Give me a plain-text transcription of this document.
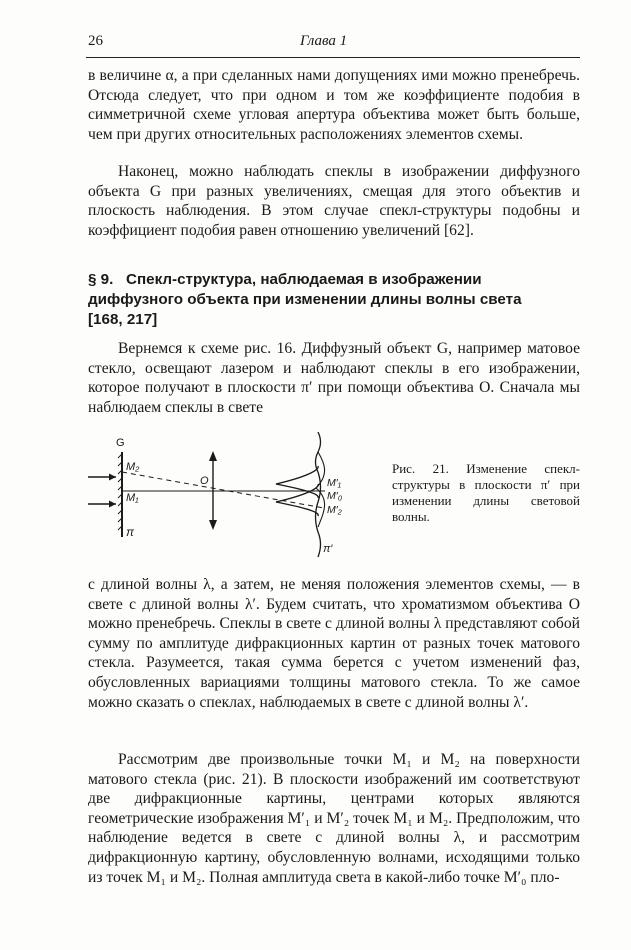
26	Глава 1

в величине α, а при сделанных нами допущениях ими можно пренебречь. Отсюда следует, что при одном и том же коэффициенте подобия в симметричной схеме угловая апертура объектива может быть больше, чем при других относительных расположениях элементов схемы.

Наконец, можно наблюдать спеклы в изображении диффузного объекта G при разных увеличениях, смещая для этого объектив и плоскость наблюдения. В этом случае спекл-структуры подобны и коэффициент подобия равен отношению увеличений [62].

§ 9. Спекл-структура, наблюдаемая в изображении диффузного объекта при изменении длины волны света [168, 217]

Вернемся к схеме рис. 16. Диффузный объект G, например матовое стекло, освещают лазером и наблюдают спеклы в его изображении, которое получают в плоскости π′ при помощи объектива O. Сначала мы наблюдаем спеклы в свете

G
M₂
M₁
π
O	M′₁
M′₀
M′₂
π′

Рис. 21. Изменение спекл-структуры в плоскости π′ при изменении длины световой волны.

с длиной волны λ, а затем, не меняя положения элементов схемы, — в свете с длиной волны λ′. Будем считать, что хроматизмом объектива O можно пренебречь. Спеклы в свете с длиной волны λ представляют собой сумму по амплитуде дифракционных картин от разных точек матового стекла. Разумеется, такая сумма берется с учетом изменений фаз, обусловленных вариациями толщины матового стекла. То же самое можно сказать о спеклах, наблюдаемых в свете с длиной волны λ′.

Рассмотрим две произвольные точки M₁ и M₂ на поверхности матового стекла (рис. 21). В плоскости изображений им соответствуют две дифракционные картины, центрами которых являются геометрические изображения M′₁ и M′₂ точек M₁ и M₂. Предположим, что наблюдение ведется в свете с длиной волны λ, и рассмотрим дифракционную картину, обусловленную волнами, исходящими только из точек M₁ и M₂. Полная амплитуда света в какой-либо точке M′₀ пло-
